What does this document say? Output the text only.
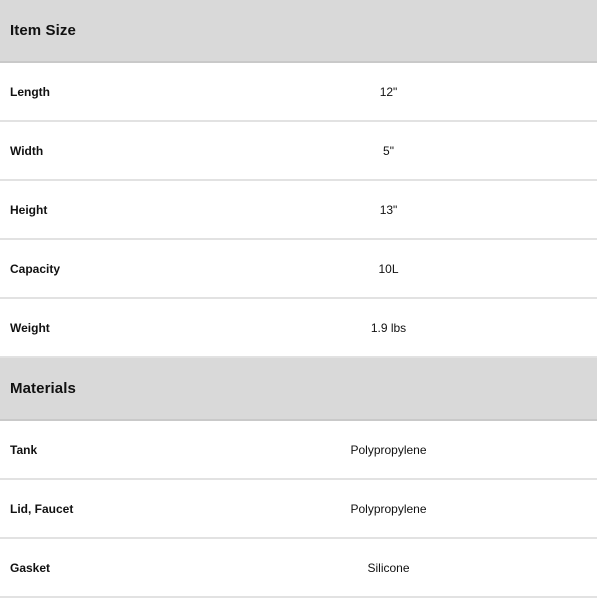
Item Size
Length	12"
Width	5"
Height	13"
Capacity	10L
Weight	1.9 lbs
Materials
Tank	Polypropylene
Lid, Faucet	Polypropylene
Gasket	Silicone
